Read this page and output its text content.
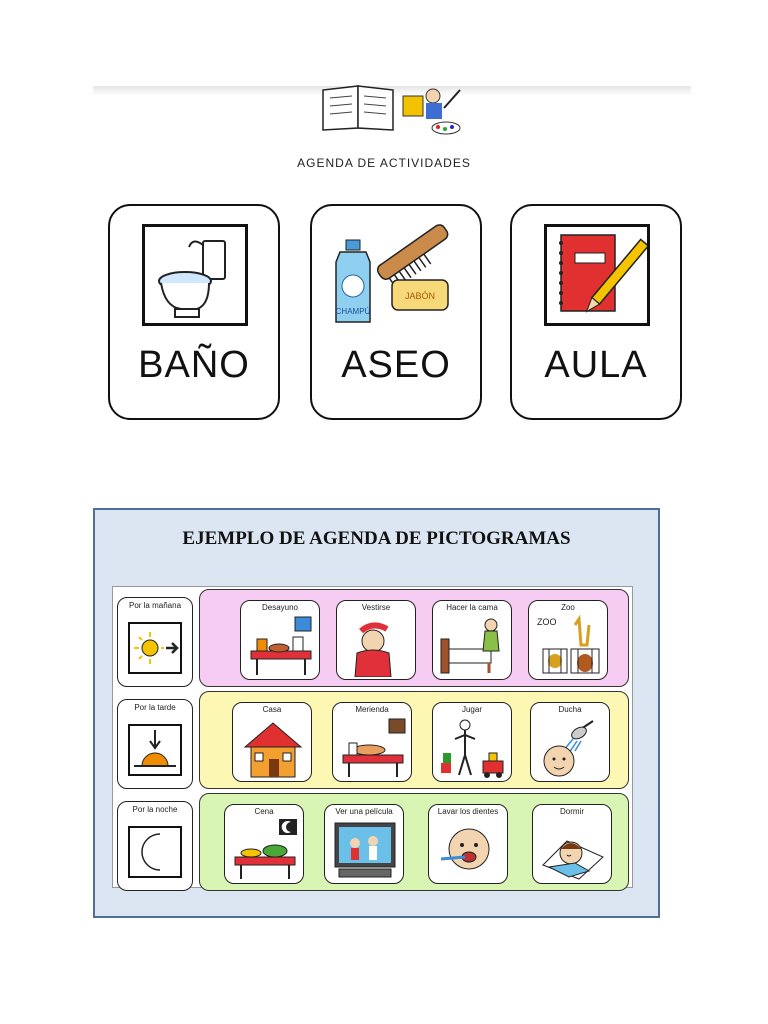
AGENDA DE ACTIVIDADES
BAÑO
CHAMPÚ
JABÓN
ASEO	AULA
EJEMPLO DE AGENDA DE PICTOGRAMAS
Por la mañana	Desayuno	Vestirse	Hacer la cama	Zoo
ZOO
Por la tarde	Casa	Merienda	Jugar	Ducha
Por la noche	Cena	Ver una película	Lavar los dientes	Dormir
